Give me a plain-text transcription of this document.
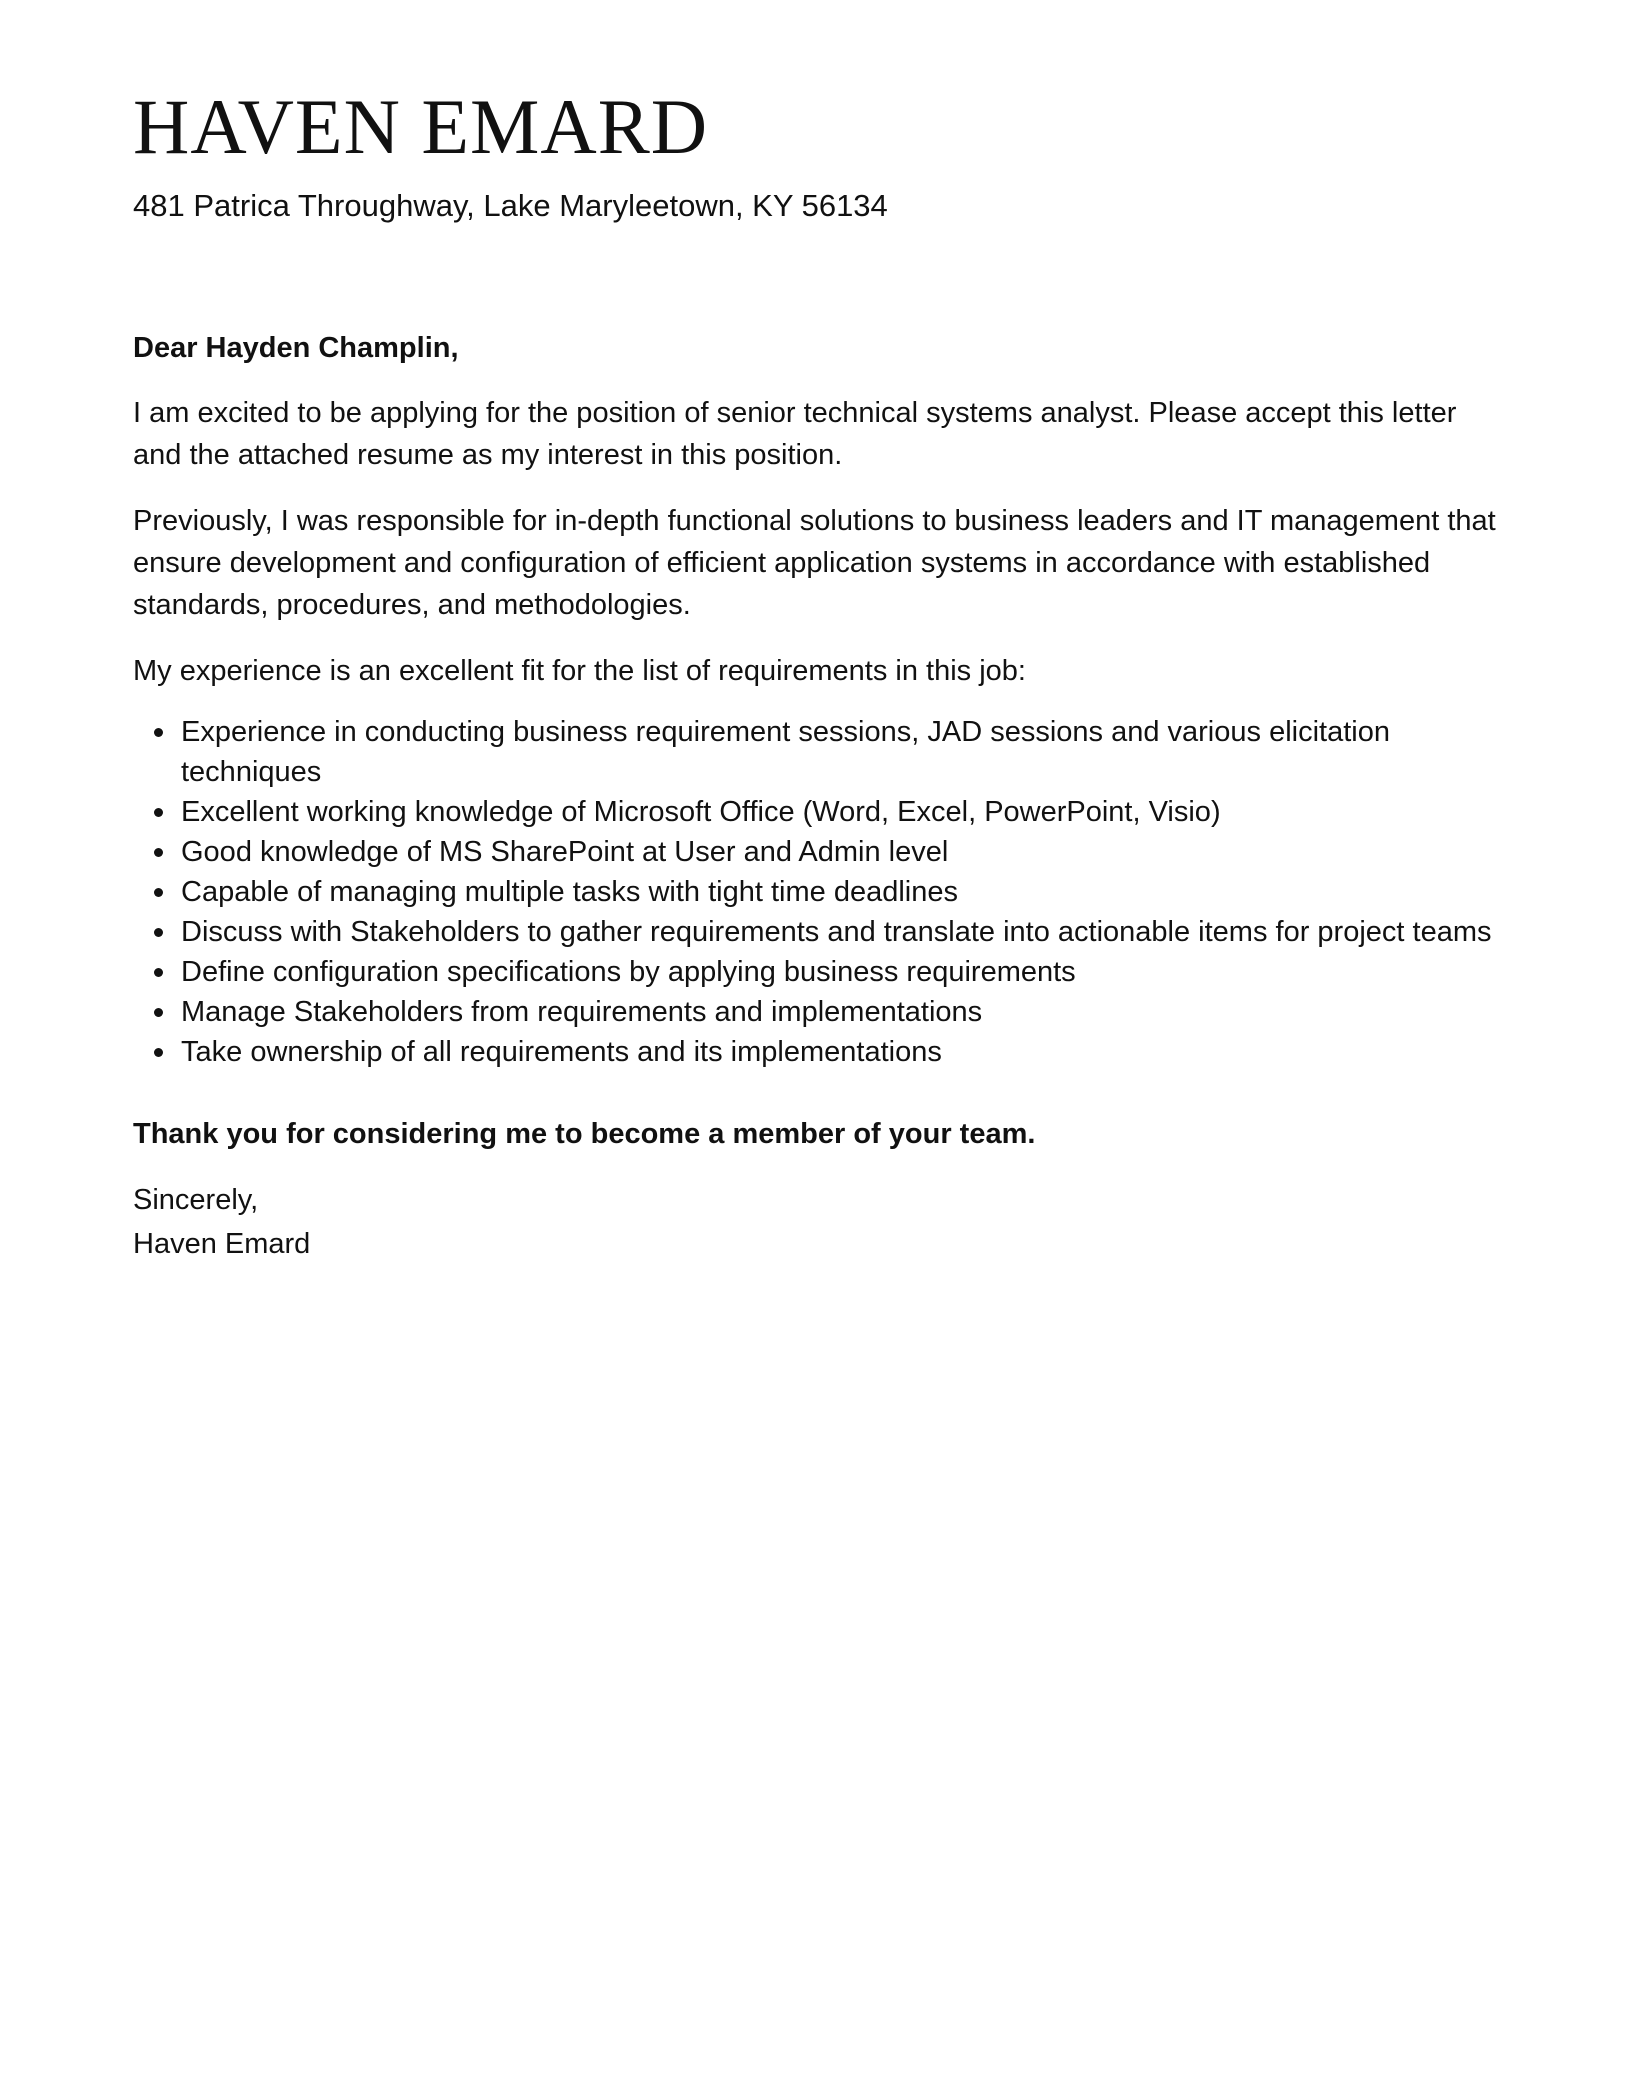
HAVEN EMARD
481 Patrica Throughway, Lake Maryleetown, KY 56134
Dear Hayden Champlin,
I am excited to be applying for the position of senior technical systems analyst. Please accept this letter and the attached resume as my interest in this position.
Previously, I was responsible for in-depth functional solutions to business leaders and IT management that ensure development and configuration of efficient application systems in accordance with established standards, procedures, and methodologies.
My experience is an excellent fit for the list of requirements in this job:
Experience in conducting business requirement sessions, JAD sessions and various elicitation techniques
Excellent working knowledge of Microsoft Office (Word, Excel, PowerPoint, Visio)
Good knowledge of MS SharePoint at User and Admin level
Capable of managing multiple tasks with tight time deadlines
Discuss with Stakeholders to gather requirements and translate into actionable items for project teams
Define configuration specifications by applying business requirements
Manage Stakeholders from requirements and implementations
Take ownership of all requirements and its implementations
Thank you for considering me to become a member of your team.
Sincerely,
Haven Emard
